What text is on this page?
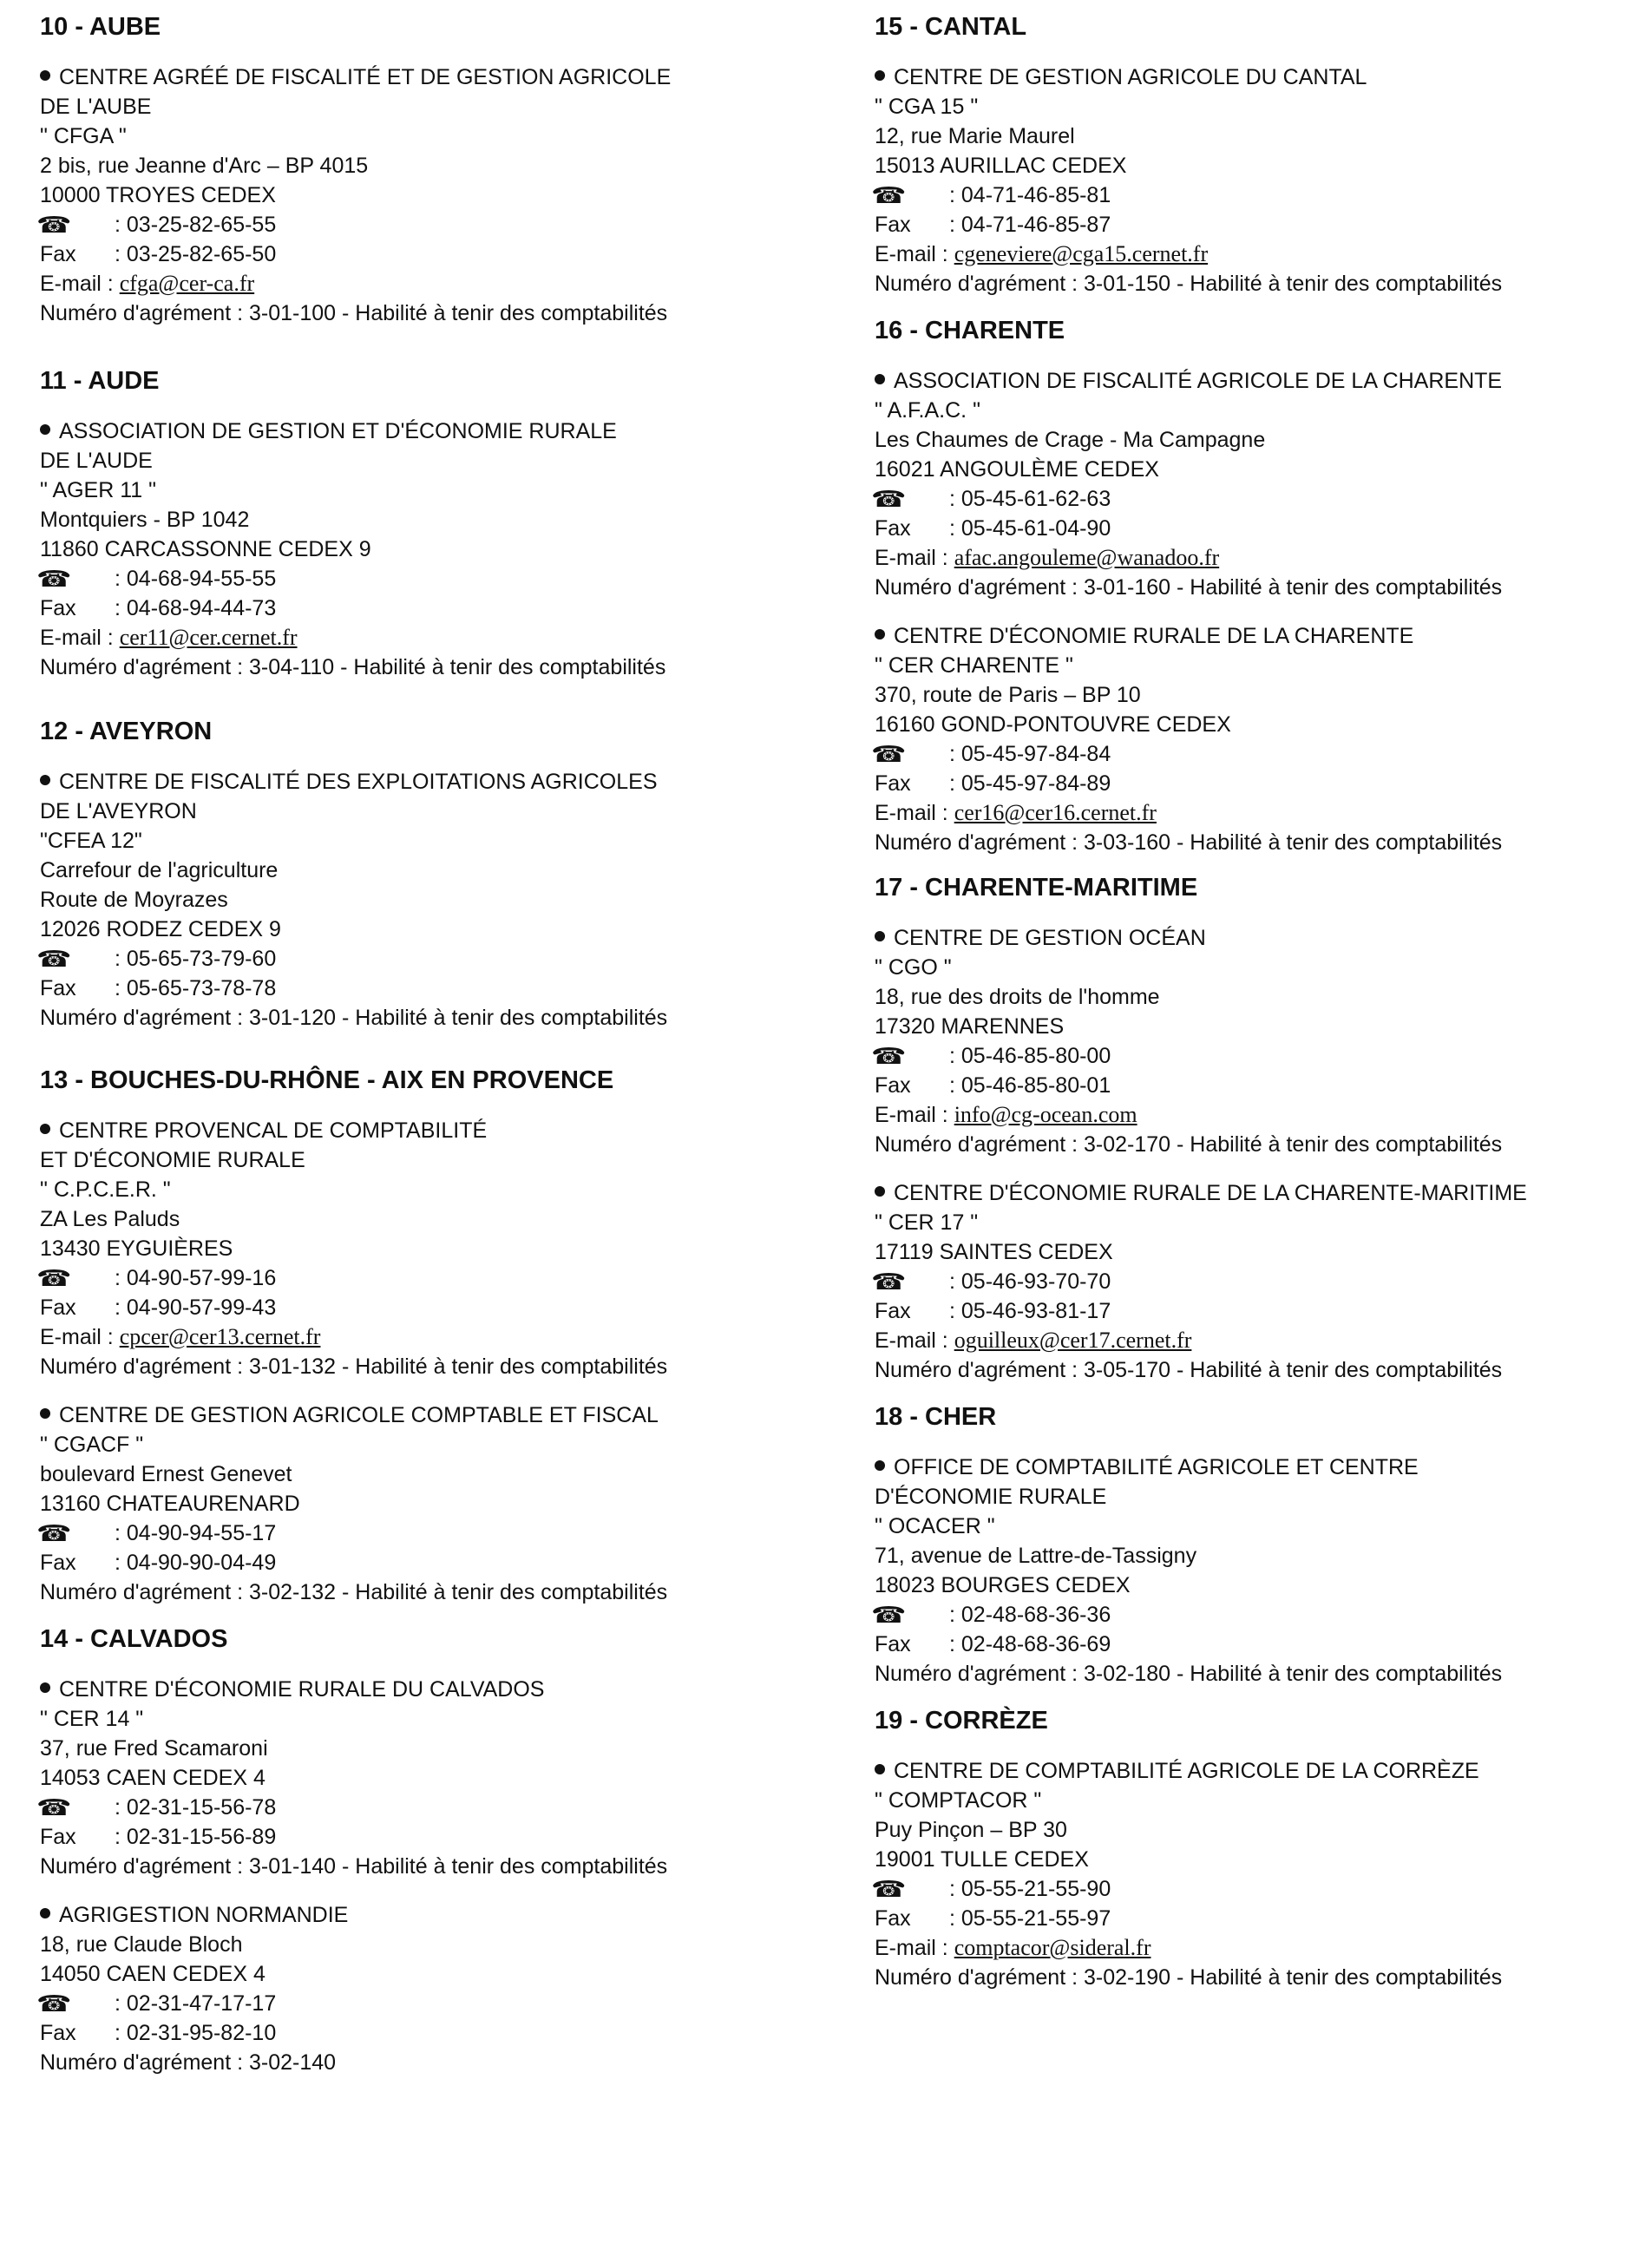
10 - AUBE
CENTRE AGRÉÉ DE FISCALITÉ ET DE GESTION AGRICOLE
DE L'AUBE
" CFGA "
2 bis, rue Jeanne d'Arc – BP 4015
10000 TROYES CEDEX
☎	: 03-25-82-65-55
Fax	: 03-25-82-65-50
E-mail : cfga@cer-ca.fr
Numéro d'agrément : 3-01-100 - Habilité à tenir des comptabilités
11 - AUDE
ASSOCIATION DE GESTION ET D'ÉCONOMIE RURALE
DE L'AUDE
" AGER 11 "
Montquiers - BP 1042
11860 CARCASSONNE CEDEX 9
☎	: 04-68-94-55-55
Fax	: 04-68-94-44-73
E-mail : cer11@cer.cernet.fr
Numéro d'agrément : 3-04-110 - Habilité à tenir des comptabilités
12 - AVEYRON
CENTRE DE FISCALITÉ DES EXPLOITATIONS AGRICOLES
DE L'AVEYRON
"CFEA 12"
Carrefour de l'agriculture
Route de Moyrazes
12026 RODEZ CEDEX 9
☎	: 05-65-73-79-60
Fax	: 05-65-73-78-78
Numéro d'agrément : 3-01-120 - Habilité à tenir des comptabilités
13 - BOUCHES-DU-RHÔNE - AIX EN PROVENCE
CENTRE PROVENCAL DE COMPTABILITÉ
ET D'ÉCONOMIE RURALE
" C.P.C.E.R. "
ZA Les Paluds
13430 EYGUIÈRES
☎	: 04-90-57-99-16
Fax	: 04-90-57-99-43
E-mail : cpcer@cer13.cernet.fr
Numéro d'agrément : 3-01-132 - Habilité à tenir des comptabilités
CENTRE DE GESTION AGRICOLE COMPTABLE ET FISCAL
" CGACF "
boulevard Ernest Genevet
13160 CHATEAURENARD
☎	: 04-90-94-55-17
Fax	: 04-90-90-04-49
Numéro d'agrément : 3-02-132 - Habilité à tenir des comptabilités
14 - CALVADOS
CENTRE D'ÉCONOMIE RURALE DU CALVADOS
" CER 14 "
37, rue Fred Scamaroni
14053 CAEN CEDEX 4
☎	: 02-31-15-56-78
Fax	: 02-31-15-56-89
Numéro d'agrément : 3-01-140 - Habilité à tenir des comptabilités
AGRIGESTION NORMANDIE
18, rue Claude Bloch
14050 CAEN CEDEX 4
☎	: 02-31-47-17-17
Fax	: 02-31-95-82-10
Numéro d'agrément : 3-02-140
15 - CANTAL
CENTRE DE GESTION AGRICOLE DU CANTAL
" CGA 15 "
12, rue Marie Maurel
15013 AURILLAC CEDEX
☎	: 04-71-46-85-81
Fax	: 04-71-46-85-87
E-mail : cgeneviere@cga15.cernet.fr
Numéro d'agrément : 3-01-150 - Habilité à tenir des comptabilités
16 - CHARENTE
ASSOCIATION DE FISCALITÉ AGRICOLE DE LA CHARENTE
" A.F.A.C. "
Les Chaumes de Crage - Ma Campagne
16021 ANGOULÈME CEDEX
☎	: 05-45-61-62-63
Fax	: 05-45-61-04-90
E-mail : afac.angouleme@wanadoo.fr
Numéro d'agrément : 3-01-160 - Habilité à tenir des comptabilités
CENTRE D'ÉCONOMIE RURALE DE LA CHARENTE
" CER CHARENTE "
370, route de Paris – BP 10
16160 GOND-PONTOUVRE CEDEX
☎	: 05-45-97-84-84
Fax	: 05-45-97-84-89
E-mail : cer16@cer16.cernet.fr
Numéro d'agrément : 3-03-160 - Habilité à tenir des comptabilités
17 - CHARENTE-MARITIME
CENTRE DE GESTION OCÉAN
" CGO "
18, rue des droits de l'homme
17320 MARENNES
☎	: 05-46-85-80-00
Fax	: 05-46-85-80-01
E-mail : info@cg-ocean.com
Numéro d'agrément : 3-02-170 - Habilité à tenir des comptabilités
CENTRE D'ÉCONOMIE RURALE DE LA CHARENTE-MARITIME
" CER 17 "
17119 SAINTES CEDEX
☎	: 05-46-93-70-70
Fax	: 05-46-93-81-17
E-mail : oguilleux@cer17.cernet.fr
Numéro d'agrément : 3-05-170 - Habilité à tenir des comptabilités
18 - CHER
OFFICE DE COMPTABILITÉ AGRICOLE ET CENTRE
D'ÉCONOMIE RURALE
" OCACER "
71, avenue de Lattre-de-Tassigny
18023 BOURGES CEDEX
☎	: 02-48-68-36-36
Fax	: 02-48-68-36-69
Numéro d'agrément : 3-02-180 - Habilité à tenir des comptabilités
19 - CORRÈZE
CENTRE DE COMPTABILITÉ AGRICOLE DE LA CORRÈZE
" COMPTACOR "
Puy Pinçon – BP 30
19001 TULLE CEDEX
☎	: 05-55-21-55-90
Fax	: 05-55-21-55-97
E-mail : comptacor@sideral.fr
Numéro d'agrément : 3-02-190 - Habilité à tenir des comptabilités
